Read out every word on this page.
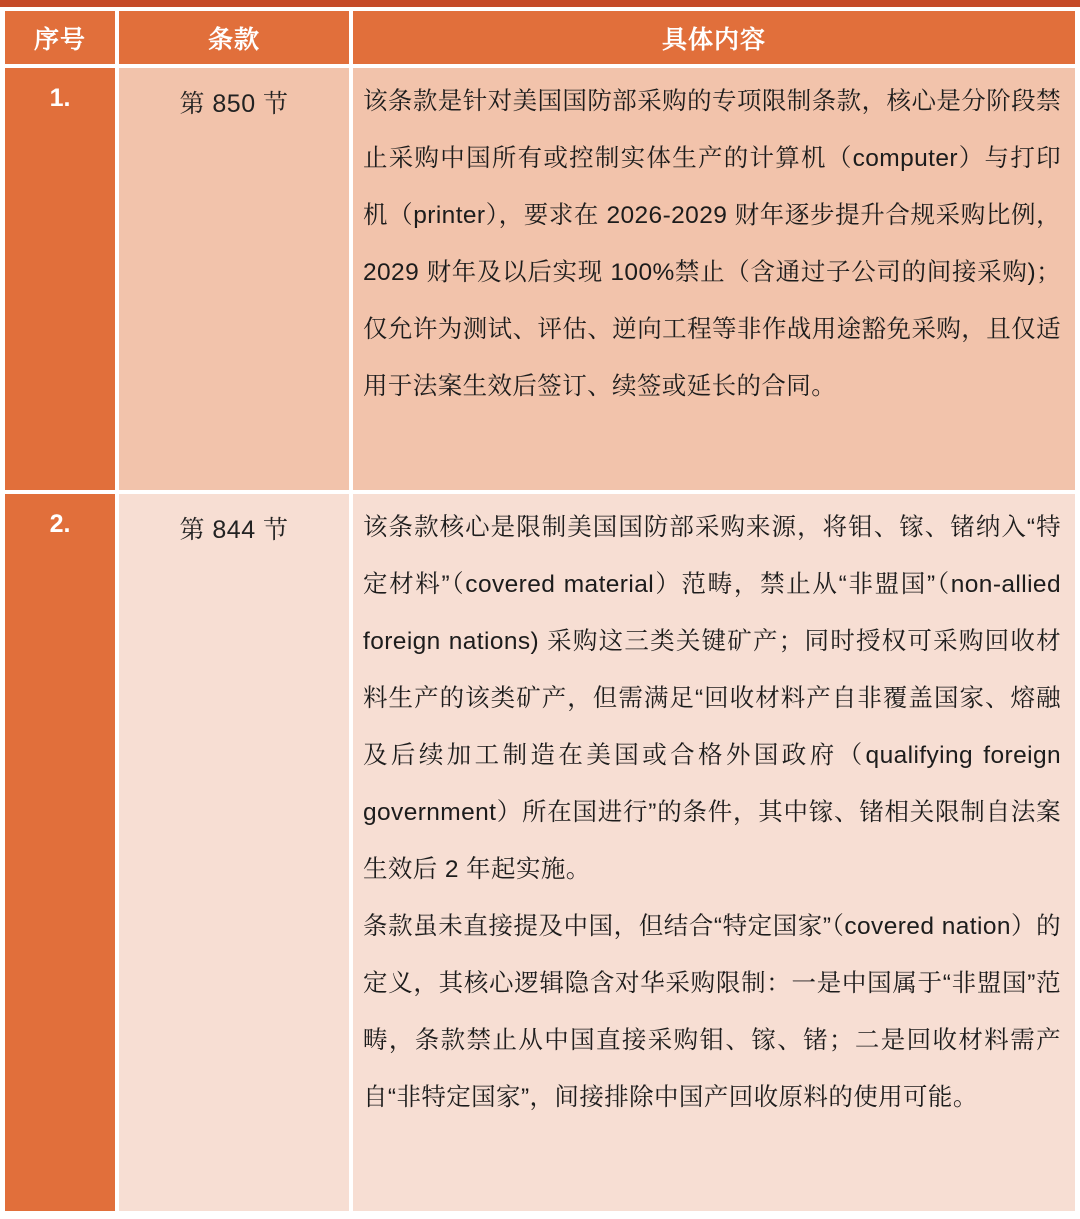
序号	条款	具体内容
1.	第 850 节	该条款是针对美国国防部采购的专项限制条款，核心是分阶段禁止采购中国所有或控制实体生产的计算机（computer）与打印机（printer），要求在 2026-2029 财年逐步提升合规采购比例，2029 财年及以后实现 100%禁止（含通过子公司的间接采购)；仅允许为测试、评估、逆向工程等非作战用途豁免采购，且仅适用于法案生效后签订、续签或延长的合同。

2.	第 844 节	该条款核心是限制美国国防部采购来源，将钼、镓、锗纳入“特定材料”（covered material）范畴，禁止从“非盟国”（non-allied foreign nations) 采购这三类关键矿产；同时授权可采购回收材料生产的该类矿产，但需满足“回收材料产自非覆盖国家、熔融及后续加工制造在美国或合格外国政府（qualifying foreign government）所在国进行”的条件，其中镓、锗相关限制自法案生效后 2 年起实施。

条款虽未直接提及中国，但结合“特定国家”（covered nation）的定义，其核心逻辑隐含对华采购限制：一是中国属于“非盟国”范畴，条款禁止从中国直接采购钼、镓、锗；二是回收材料需产自“非特定国家”，间接排除中国产回收原料的使用可能。
